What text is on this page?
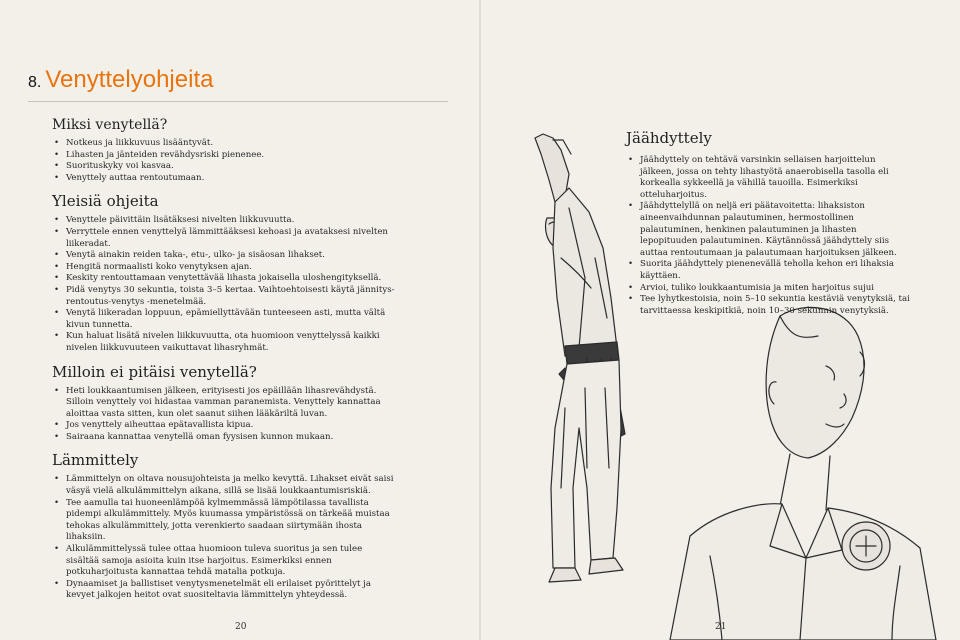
8. Venyttelyohjeita
Miksi venytellä?
• Notkeus ja liikkuvuus lisääntyvät.
• Lihasten ja jänteiden revähdysriski pienenee.
• Suorituskyky voi kasvaa.
• Venyttely auttaa rentoutumaan.
Yleisiä ohjeita
• Venyttele päivittäin lisätäksesi nivelten liikkuvuutta.
• Verryttele ennen venyttelyä lämmittääksesi kehoasi ja avataksesi nivelten liikeradat.
• Venytä ainakin reiden taka-, etu-, ulko- ja sisäosan lihakset.
• Hengitä normaalisti koko venytyksen ajan.
• Keskity rentouttamaan venytettävää lihasta jokaisella uloshengityksellä.
• Pidä venytys 30 sekuntia, toista 3–5 kertaa. Vaihtoehtoisesti käytä jännitys-rentoutus-venytys -menetelmää.
• Venytä liikeradan loppuun, epämiellyttävään tunteeseen asti, mutta vältä kivun tunnetta.
• Kun haluat lisätä nivelen liikkuvuutta, ota huomioon venyttelyssä kaikki nivelen liikkuvuuteen vaikuttavat lihasryhmät.
Milloin ei pitäisi venytellä?
• Heti loukkaantumisen jälkeen, erityisesti jos epäillään lihasrevähdystä. Silloin venyttely voi hidastaa vamman paranemista. Venyttely kannattaa aloittaa vasta sitten, kun olet saanut siihen lääkäriltä luvan.
• Jos venyttely aiheuttaa epätavallista kipua.
• Sairaana kannattaa venytellä oman fyysisen kunnon mukaan.
Lämmittely
• Lämmittelyn on oltava nousujohteista ja melko kevyttä. Lihakset eivät saisi väsyä vielä alkulämmittelyn aikana, sillä se lisää loukkaantumisriskiä.
• Tee aamulla tai huoneenlämpöä kylmemmässä lämpötilassa tavallista pidempi alkulämmittely. Myös kuumassa ympäristössä on tärkeää muistaa tehokas alkulämmittely, jotta verenkierto saadaan siirtymään ihosta lihaksiin.
• Alkulämmittelyssä tulee ottaa huomioon tuleva suoritus ja sen tulee sisältää samoja asioita kuin itse harjoitus. Esimerkiksi ennen potkuharjoitusta kannattaa tehdä matalia potkuja.
• Dynaamiset ja ballistiset venytysmenetelmät eli erilaiset pyörittelyt ja kevyet jalkojen heitot ovat suositeltavia lämmittelyn yhteydessä.
Jäähdyttely
• Jäähdyttely on tehtävä varsinkin sellaisen harjoittelun jälkeen, jossa on tehty lihastyötä anaerobisella tasolla eli korkealla sykkeellä ja vähillä tauoilla. Esimerkiksi otteluharjoitus.
• Jäähdyttelyllä on neljä eri päätavoitetta: lihaksiston aineenvaihdunnan palautuminen, hermostollinen palautuminen, henkinen palautuminen ja lihasten lepopituuden palautuminen. Käytännössä jäähdyttely siis auttaa rentoutumaan ja palautumaan harjoituksen jälkeen.
• Suorita jäähdyttely pienenevällä teholla kehon eri lihaksia käyttäen.
• Arvioi, tuliko loukkaantumisia ja miten harjoitus sujui
• Tee lyhytkestoisia, noin 5–10 sekuntia kestäviä venytyksiä, tai tarvittaessa keskipitkiä, noin 10–30 sekunnin venytyksiä.
20	21
